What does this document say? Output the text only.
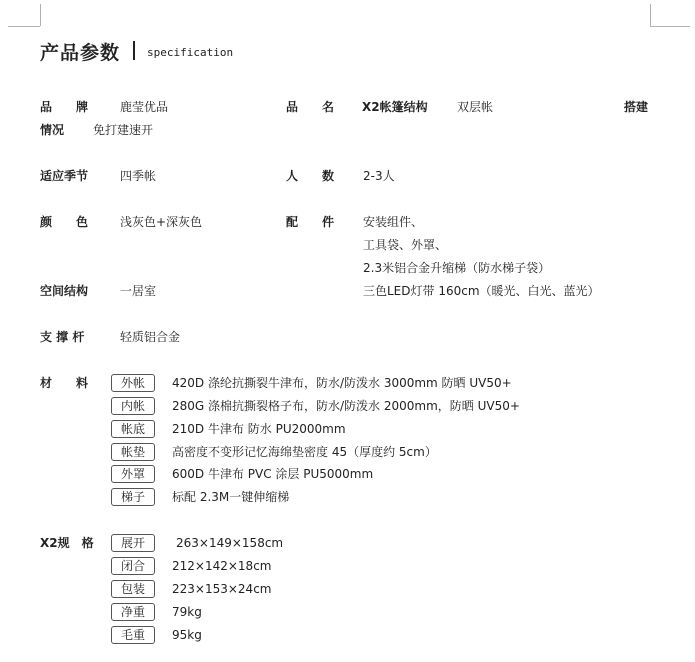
产品参数 specification
品　　牌	鹿莹优品	品　　名 X2帐篷结构 双层帐	搭建
情况 免打建速开
适应季节	四季帐	人　　数 2-3人
颜　　色	浅灰色+深灰色	配　　件 安装组件、
工具袋、外罩、
2.3米铝合金升缩梯（防水梯子袋）
三色LED灯带 160cm（暖光、白光、蓝光）
空间结构	一居室
支 撑 杆	轻质铝合金
材　　料	外帐	420D 涤纶抗撕裂牛津布，防水/防泼水 3000mm 防晒 UV50+
内帐	280G 涤棉抗撕裂格子布，防水/防泼水 2000mm，防晒 UV50+
帐底	210D 牛津布 防水 PU2000mm
帐垫	高密度不变形记忆海绵垫密度 45（厚度约 5cm）
外罩	600D 牛津布 PVC 涂层 PU5000mm
梯子	标配 2.3M一键伸缩梯
X2规　格	展开	263×149×158cm
闭合	212×142×18cm
包装	223×153×24cm
净重	79kg
毛重	95kg
